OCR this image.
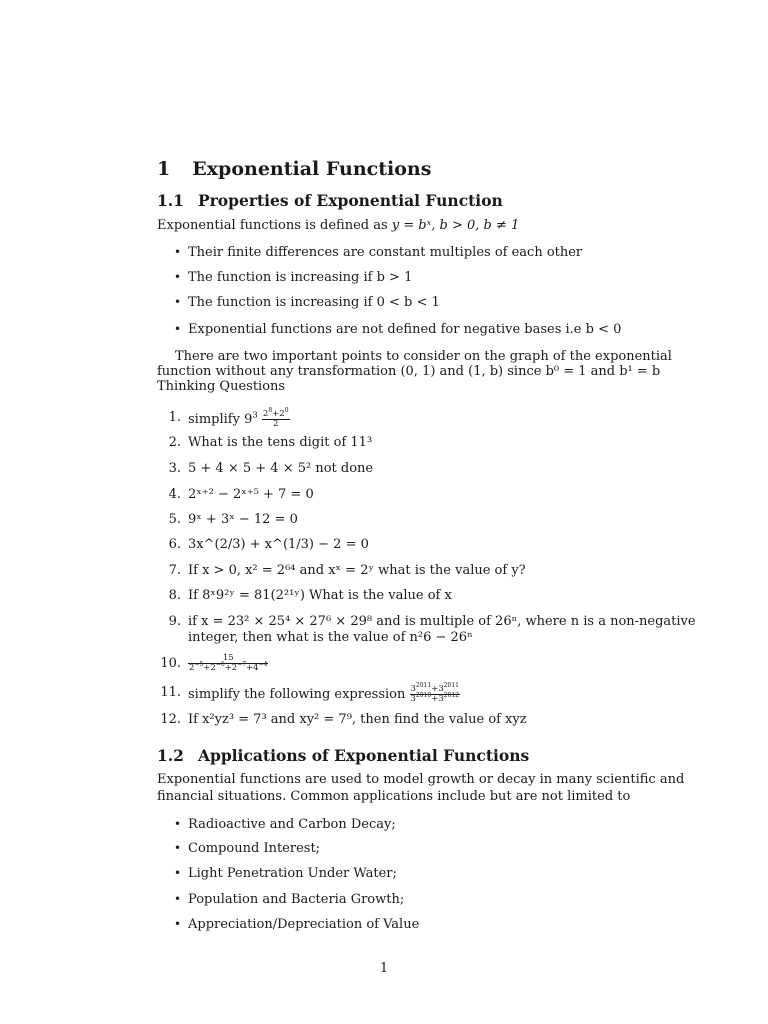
1 Exponential Functions
1.1 Properties of Exponential Function
Exponential functions is defined as y = bˣ, b > 0, b ≠ 1
• Their finite differences are constant multiples of each other
• The function is increasing if b > 1
• The function is increasing if 0 < b < 1
• Exponential functions are not defined for negative bases i.e b < 0
There are two important points to consider on the graph of the exponential
function without any transformation (0, 1) and (1, b) since b⁰ = 1 and b¹ = b
Thinking Questions
1. simplify $9^3 \frac{2^8+2^0}{2}$
2. What is the tens digit of 11³
3. 5 + 4 × 5 + 4 × 5² not done
4. 2ˣ⁺² − 2ˣ⁺⁵ + 7 = 0
5. 9ˣ + 3ˣ − 12 = 0
6. 3x^(2/3) + x^(1/3) − 2 = 0
7. If x > 0, x² = 2⁶⁴ and xˣ = 2ʸ what is the value of y?
8. If 8ˣ9²ʸ = 81(2²¹ʸ) What is the value of x
9. if x = 23² × 25⁴ × 27⁶ × 29⁸ and is multiple of 26ⁿ, where n is a non-negative
integer, then what is the value of n²6 − 26ⁿ
10. $\frac{15}{2^{-5}+2^{-6}+2^{-7}+4^{-4}}$
11. simplify the following expression $\frac{3^{2011}+3^{2011}}{3^{2010}+3^{2012}}$
12. If x²yz³ = 7³ and xy² = 7⁹, then find the value of xyz
1.2 Applications of Exponential Functions
Exponential functions are used to model growth or decay in many scientific and
financial situations. Common applications include but are not limited to
• Radioactive and Carbon Decay;
• Compound Interest;
• Light Penetration Under Water;
• Population and Bacteria Growth;
• Appreciation/Depreciation of Value
1
